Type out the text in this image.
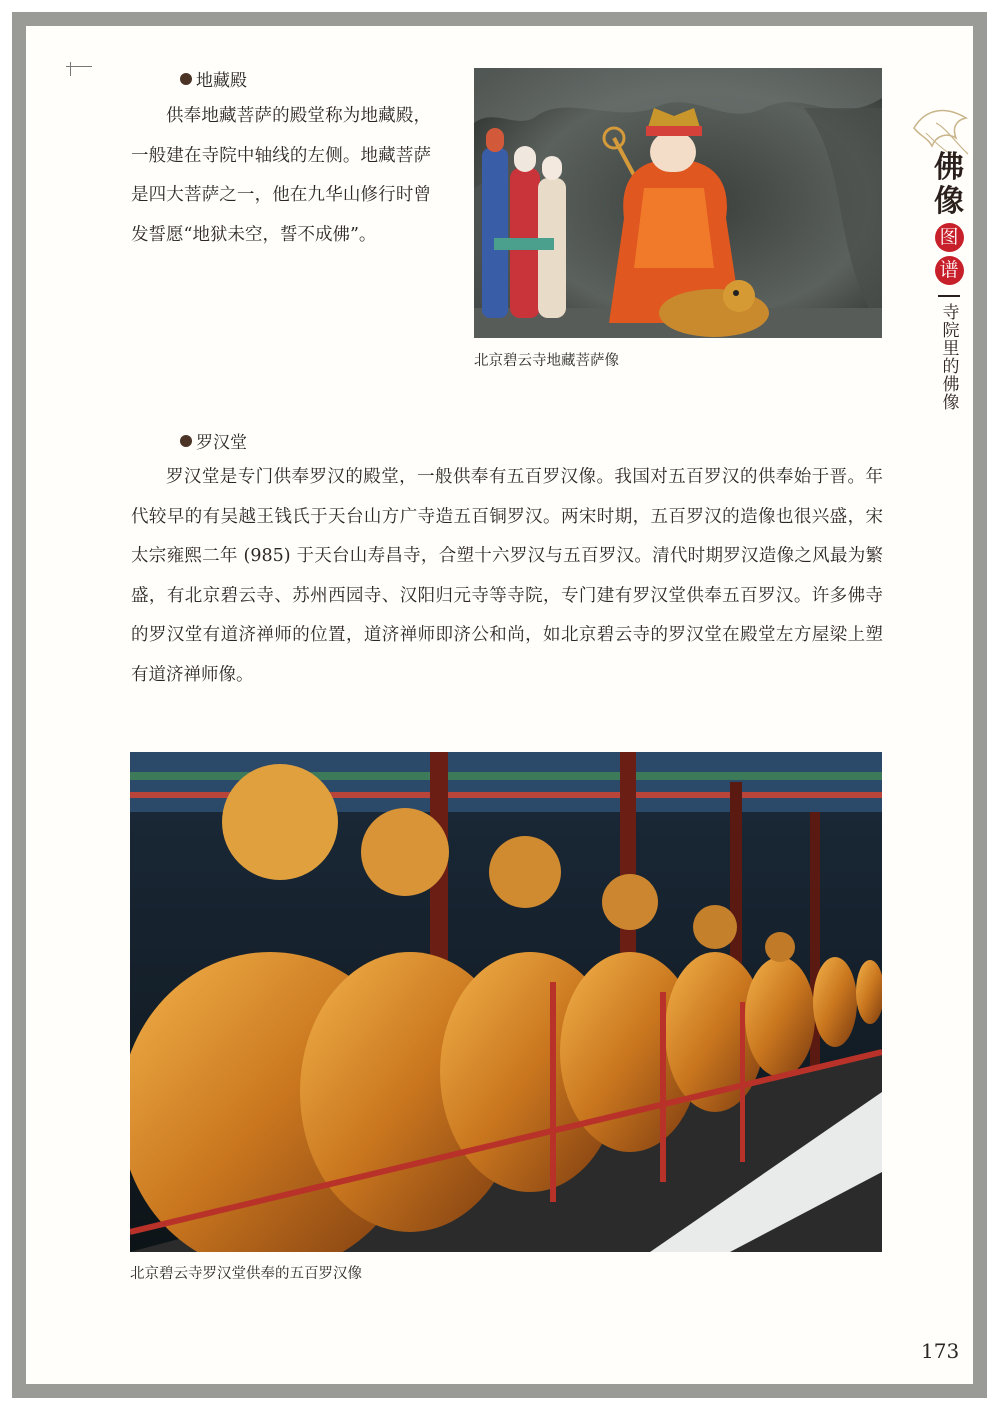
地藏殿

供奉地藏菩萨的殿堂称为地藏殿，一般建在寺院中轴线的左侧。地藏菩萨是四大菩萨之一，他在九华山修行时曾发誓愿“地狱未空，誓不成佛”。

北京碧云寺地藏菩萨像
罗汉堂

罗汉堂是专门供奉罗汉的殿堂，一般供奉有五百罗汉像。我国对五百罗汉的供奉始于晋。年代较早的有吴越王钱氏于天台山方广寺造五百铜罗汉。两宋时期，五百罗汉的造像也很兴盛，宋太宗雍熙二年 (985) 于天台山寿昌寺，合塑十六罗汉与五百罗汉。清代时期罗汉造像之风最为繁盛，有北京碧云寺、苏州西园寺、汉阳归元寺等寺院，专门建有罗汉堂供奉五百罗汉。许多佛寺的罗汉堂有道济禅师的位置，道济禅师即济公和尚，如北京碧云寺的罗汉堂在殿堂左方屋梁上塑有道济禅师像。

北京碧云寺罗汉堂供奉的五百罗汉像
佛
像
图
谱
寺院里的佛像
173
